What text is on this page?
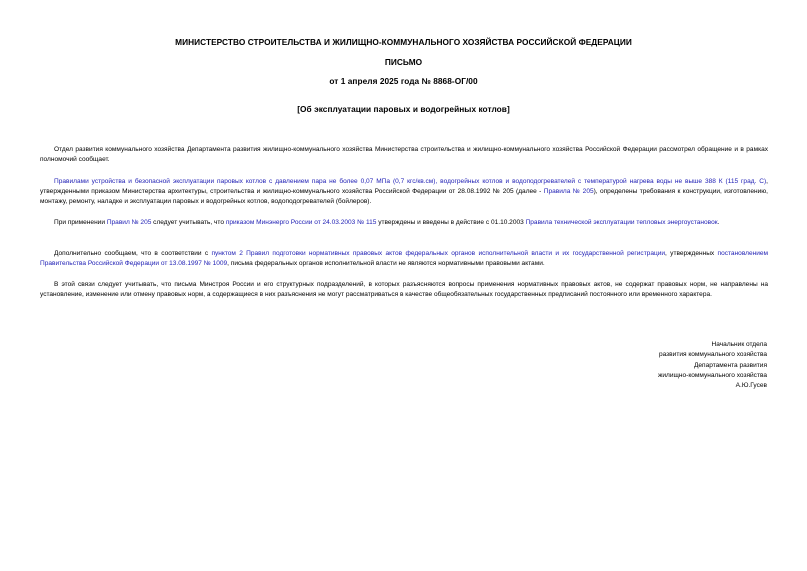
МИНИСТЕРСТВО СТРОИТЕЛЬСТВА И ЖИЛИЩНО-КОММУНАЛЬНОГО ХОЗЯЙСТВА РОССИЙСКОЙ ФЕДЕРАЦИИ
ПИСЬМО
от 1 апреля 2025 года № 8868-ОГ/00
[Об эксплуатации паровых и водогрейных котлов]
Отдел развития коммунального хозяйства Департамента развития жилищно-коммунального хозяйства Министерства строительства и жилищно-коммунального хозяйства Российской Федерации рассмотрел обращение и в рамках полномочий сообщает.
Правилами устройства и безопасной эксплуатации паровых котлов с давлением пара не более 0,07 МПа (0,7 кгс/кв.см), водогрейных котлов и водоподогревателей с температурой нагрева воды не выше 388 К (115 град. С), утвержденными приказом Министерства архитектуры, строительства и жилищно-коммунального хозяйства Российской Федерации от 28.08.1992 № 205 (далее - Правила № 205), определены требования к конструкции, изготовлению, монтажу, ремонту, наладке и эксплуатации паровых и водогрейных котлов, водоподогревателей (бойлеров).
При применении Правил № 205 следует учитывать, что приказом Минэнерго России от 24.03.2003 № 115 утверждены и введены в действие с 01.10.2003 Правила технической эксплуатации тепловых энергоустановок.
Дополнительно сообщаем, что в соответствии с пунктом 2 Правил подготовки нормативных правовых актов федеральных органов исполнительной власти и их государственной регистрации, утвержденных постановлением Правительства Российской Федерации от 13.08.1997 № 1009, письма федеральных органов исполнительной власти не являются нормативными правовыми актами.
В этой связи следует учитывать, что письма Минстроя России и его структурных подразделений, в которых разъясняются вопросы применения нормативных правовых актов, не содержат правовых норм, не направлены на установление, изменение или отмену правовых норм, а содержащиеся в них разъяснения не могут рассматриваться в качестве общеобязательных государственных предписаний постоянного или временного характера.
Начальник отдела
развития коммунального хозяйства
Департамента развития
жилищно-коммунального хозяйства
А.Ю.Гусев
